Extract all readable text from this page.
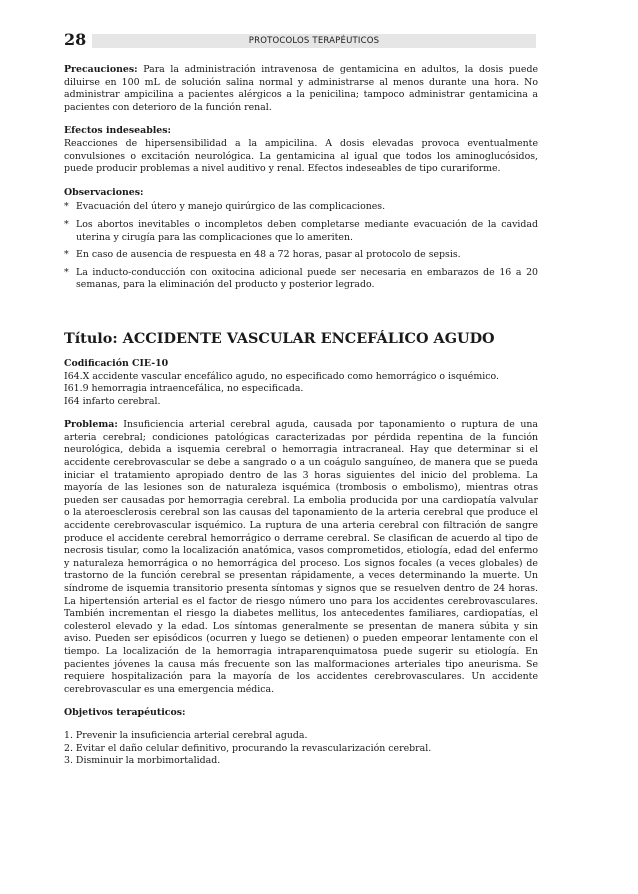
28	PROTOCOLOS TERAPÉUTICOS

Precauciones: Para la administración intravenosa de gentamicina en adultos, la dosis puede diluirse en 100 mL de solución salina normal y administrarse al menos durante una hora. No administrar ampicilina a pacientes alérgicos a la penicilina; tampoco administrar gentamicina a pacientes con deterioro de la función renal.

Efectos indeseables:

Reacciones de hipersensibilidad a la ampicilina. A dosis elevadas provoca eventualmente convulsiones o excitación neurológica. La gentamicina al igual que todos los aminoglucósidos, puede producir problemas a nivel auditivo y renal. Efectos indeseables de tipo curariforme.

Observaciones:

* Evacuación del útero y manejo quirúrgico de las complicaciones.
* Los abortos inevitables o incompletos deben completarse mediante evacuación de la cavidad uterina y cirugía para las complicaciones que lo ameriten.
* En caso de ausencia de respuesta en 48 a 72 horas, pasar al protocolo de sepsis.
* La inducto-conducción con oxitocina adicional puede ser necesaria en embarazos de 16 a 20 semanas, para la eliminación del producto y posterior legrado.
Título: ACCIDENTE VASCULAR ENCEFÁLICO AGUDO

Codificación CIE-10

I64.X accidente vascular encefálico agudo, no especificado como hemorrágico o isquémico.

I61.9 hemorragia intraencefálica, no especificada.

I64 infarto cerebral.

Problema: Insuficiencia arterial cerebral aguda, causada por taponamiento o ruptura de una arteria cerebral; condiciones patológicas caracterizadas por pérdida repentina de la función neurológica, debida a isquemia cerebral o hemorragia intracraneal. Hay que determinar si el accidente cerebrovascular se debe a sangrado o a un coágulo sanguíneo, de manera que se pueda iniciar el tratamiento apropiado dentro de las 3 horas siguientes del inicio del problema. La mayoría de las lesiones son de naturaleza isquémica (trombosis o embolismo), mientras otras pueden ser causadas por hemorragia cerebral. La embolia producida por una cardiopatía valvular o la ateroesclerosis cerebral son las causas del taponamiento de la arteria cerebral que produce el accidente cerebrovascular isquémico. La ruptura de una arteria cerebral con filtración de sangre produce el accidente cerebral hemorrágico o derrame cerebral. Se clasifican de acuerdo al tipo de necrosis tisular, como la localización anatómica, vasos comprometidos, etiología, edad del enfermo y naturaleza hemorrágica o no hemorrágica del proceso. Los signos focales (a veces globales) de trastorno de la función cerebral se presentan rápidamente, a veces determinando la muerte. Un síndrome de isquemia transitorio presenta síntomas y signos que se resuelven dentro de 24 horas. La hipertensión arterial es el factor de riesgo número uno para los accidentes cerebrovasculares. También incrementan el riesgo la diabetes mellitus, los antecedentes familiares, cardiopatías, el colesterol elevado y la edad. Los síntomas generalmente se presentan de manera súbita y sin aviso. Pueden ser episódicos (ocurren y luego se detienen) o pueden empeorar lentamente con el tiempo. La localización de la hemorragia intraparenquimatosa puede sugerir su etiología. En pacientes jóvenes la causa más frecuente son las malformaciones arteriales tipo aneurisma. Se requiere hospitalización para la mayoría de los accidentes cerebrovasculares. Un accidente cerebrovascular es una emergencia médica.

Objetivos terapéuticos:

1. Prevenir la insuficiencia arterial cerebral aguda.
2. Evitar el daño celular definitivo, procurando la revascularización cerebral.
3. Disminuir la morbimortalidad.
